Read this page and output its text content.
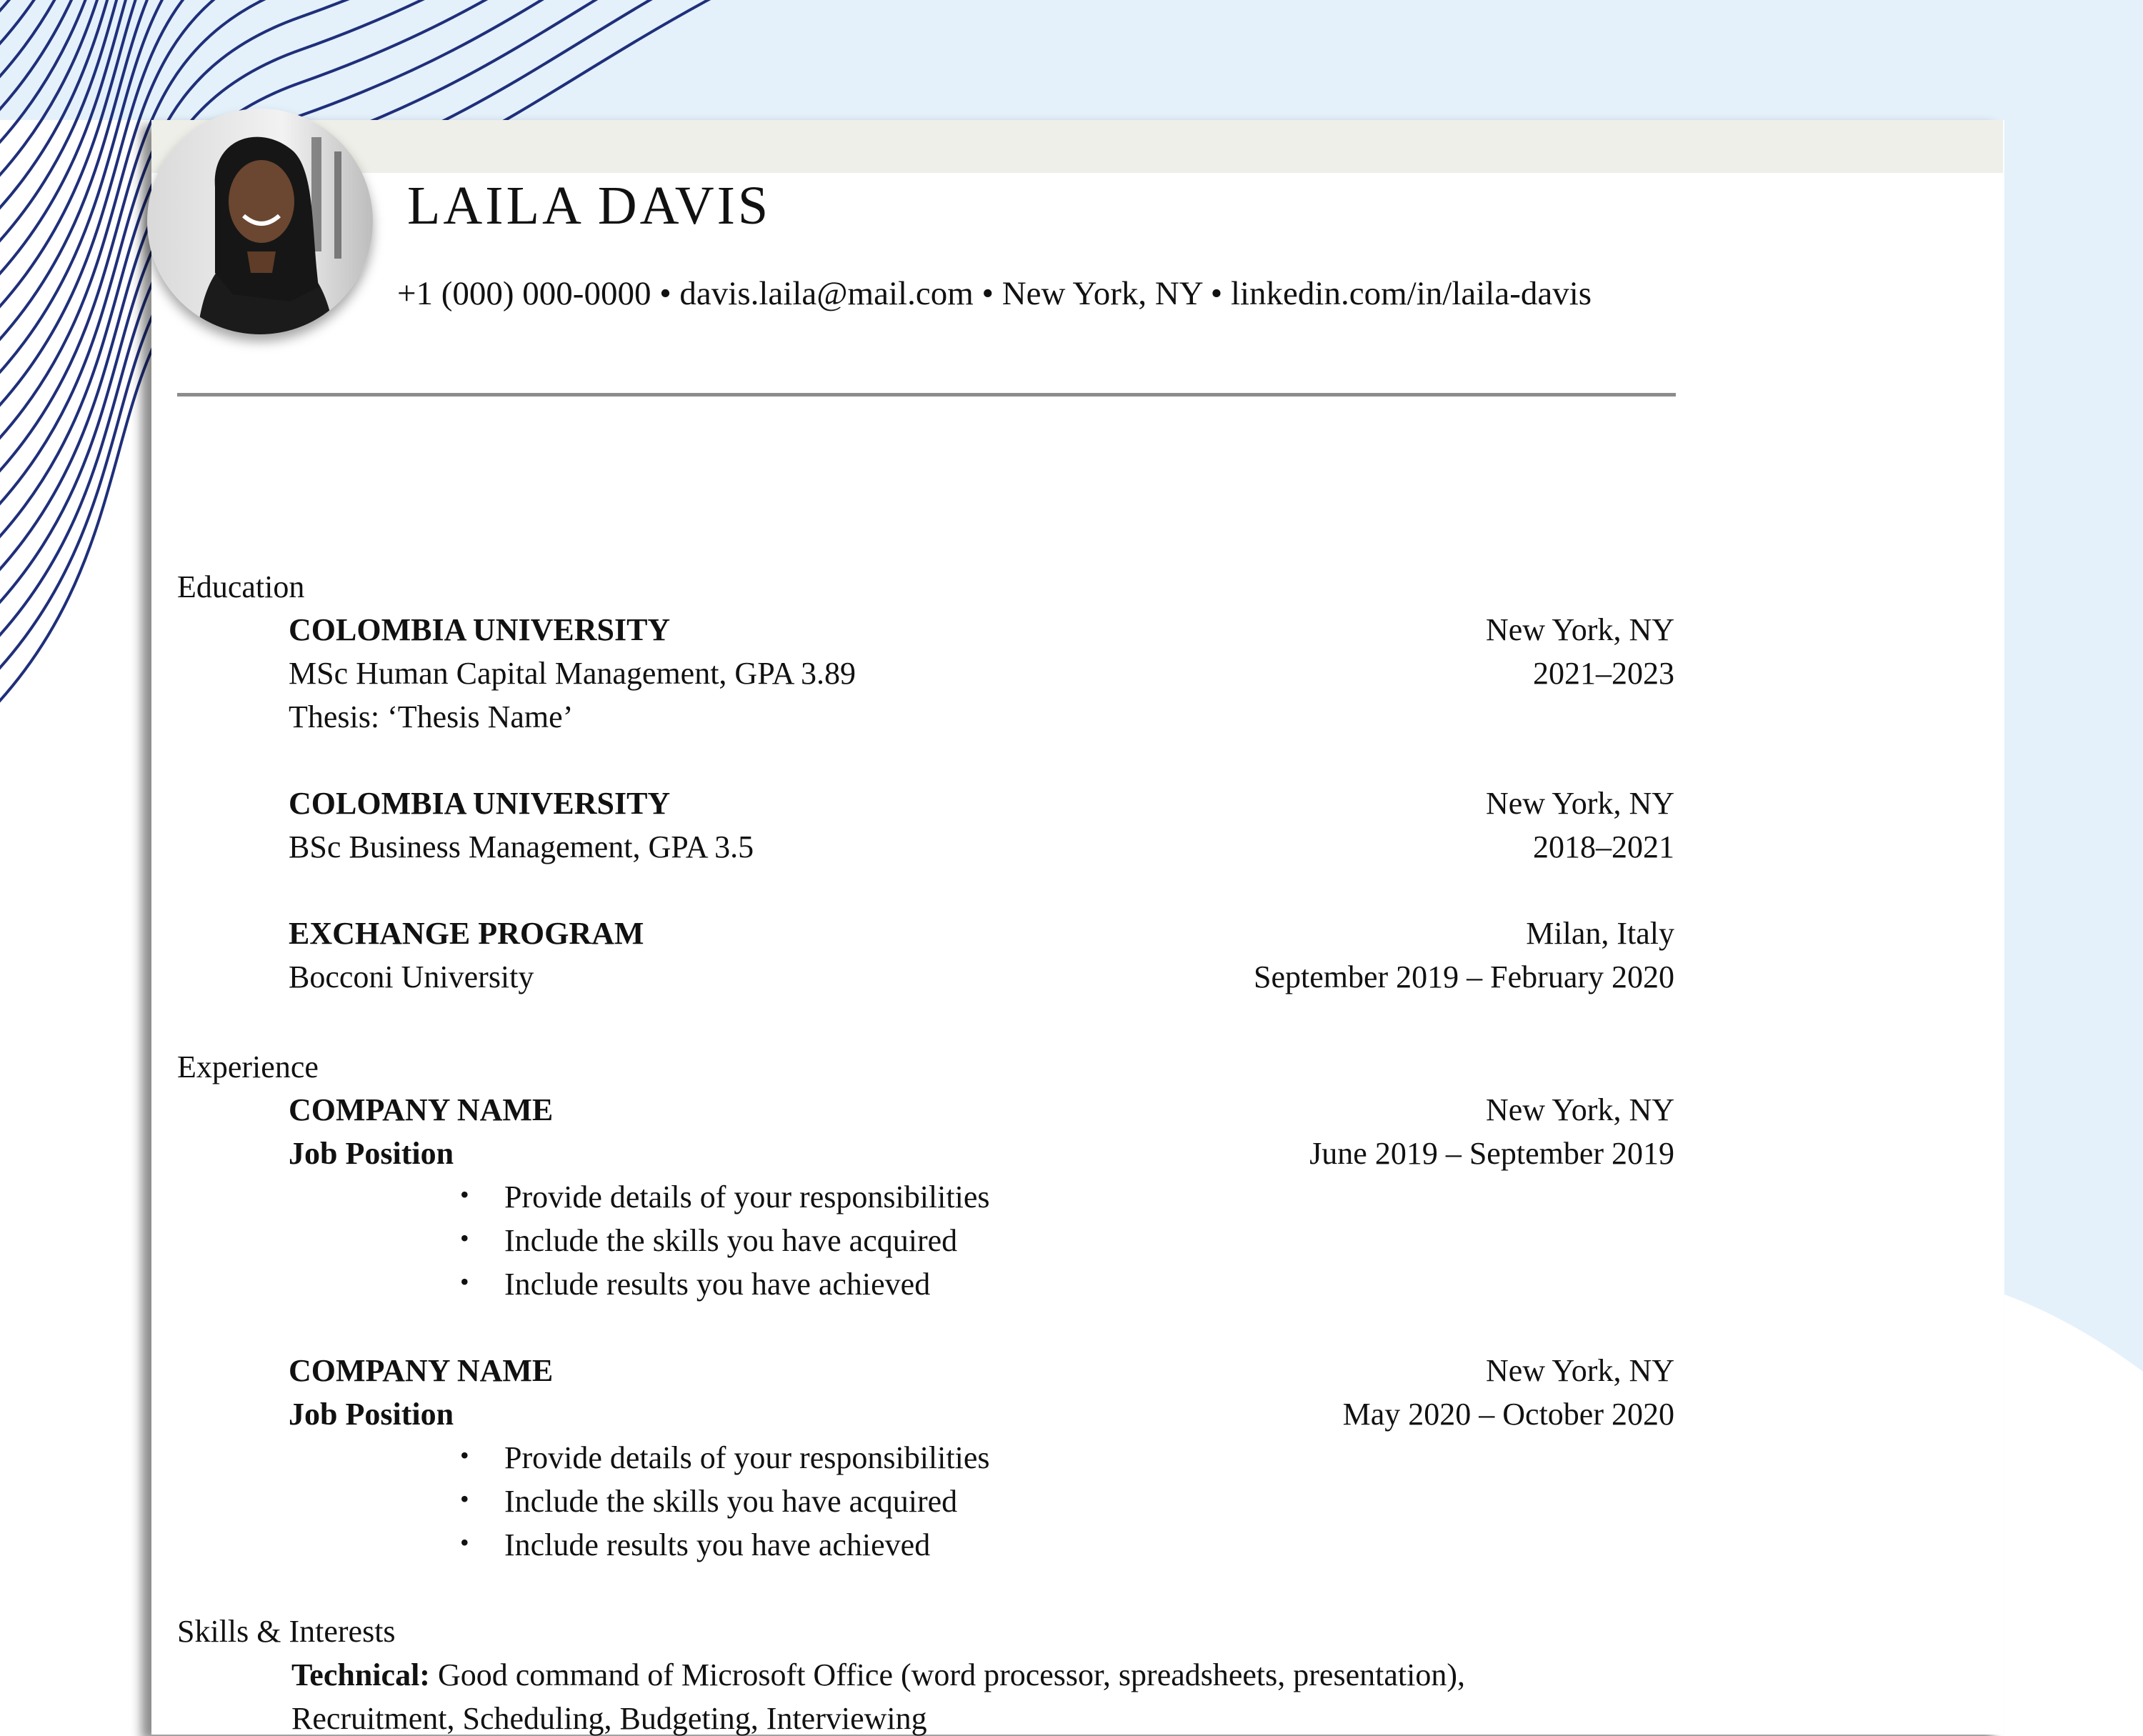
LAILA DAVIS
+1 (000) 000-0000 • davis.laila@mail.com • New York, NY • linkedin.com/in/laila-davis
Education
COLOMBIA UNIVERSITY	New York, NY
MSc Human Capital Management, GPA 3.89	2021–2023
Thesis: ‘Thesis Name’
COLOMBIA UNIVERSITY	New York, NY
BSc Business Management, GPA 3.5	2018–2021
EXCHANGE PROGRAM	Milan, Italy
Bocconi University	September 2019 – February 2020
Experience
COMPANY NAME	New York, NY
Job Position	June 2019 – September 2019
• Provide details of your responsibilities
• Include the skills you have acquired
• Include results you have achieved
COMPANY NAME	New York, NY
Job Position	May 2020 – October 2020
• Provide details of your responsibilities
• Include the skills you have acquired
• Include results you have achieved
Skills & Interests
Technical: Good command of Microsoft Office (word processor, spreadsheets, presentation),
Recruitment, Scheduling, Budgeting, Interviewing
